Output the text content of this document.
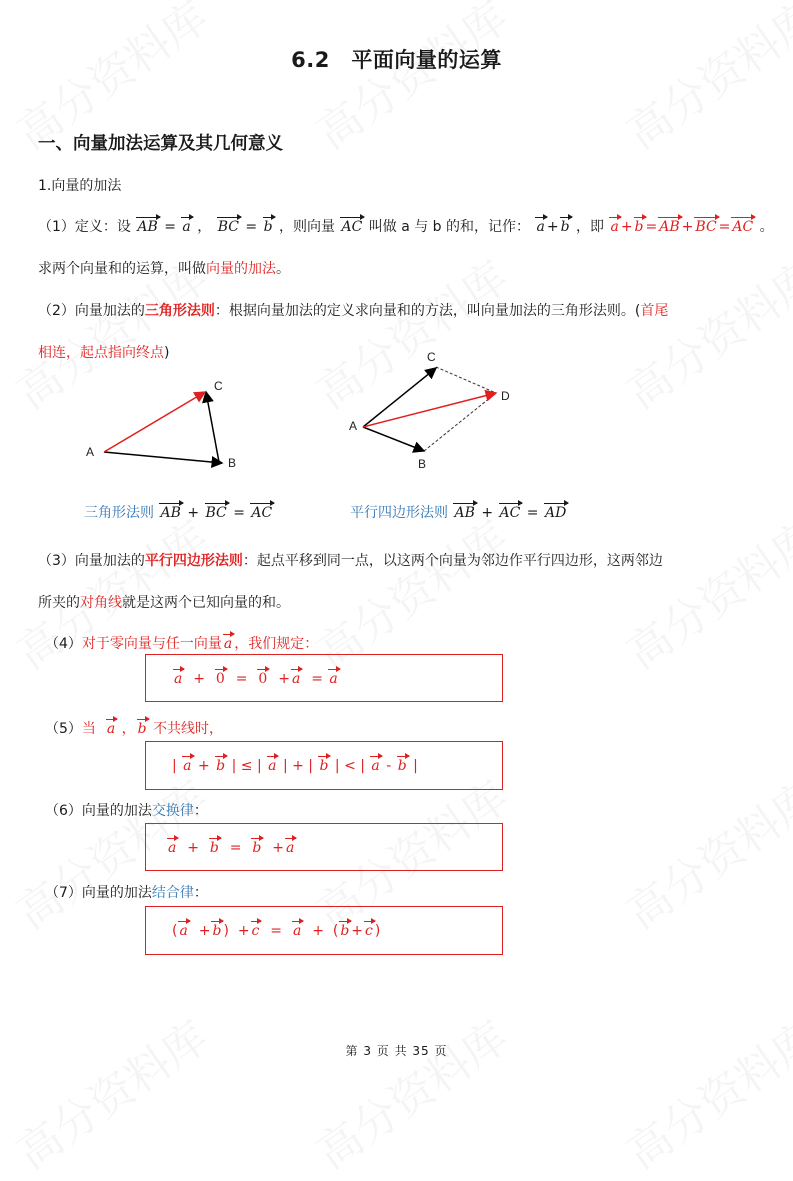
6.2　平面向量的运算
一、向量加法运算及其几何意义
1.向量的加法
（1）定义：设 AB = a ， BC = b ，则向量 AC 叫做 a 与 b 的和，记作： a + b ，即 a + b = AB + BC = AC 。
求两个向量和的运算，叫做向量的加法。
（2）向量加法的三角形法则：根据向量加法的定义求向量和的方法，叫向量加法的三角形法则。(首尾
相连，起点指向终点)
A
B
C
A
B
C
D
三角形法则 AB + BC = AC	平行四边形法则 AB + AC = AD
（3）向量加法的平行四边形法则：起点平移到同一点，以这两个向量为邻边作平行四边形，这两邻边
所夹的对角线就是这两个已知向量的和。
（4）对于零向量与任一向量 a ，我们规定：
a + 0 = 0 + a = a
（5）当 a ， b 不共线时，
| a + b | ≤ | a | + | b | < | a - b |
（6）向量的加法交换律：
a + b = b + a
（7）向量的加法结合律：
( a + b ) + c = a + ( b + c )
第 3 页 共 35 页
